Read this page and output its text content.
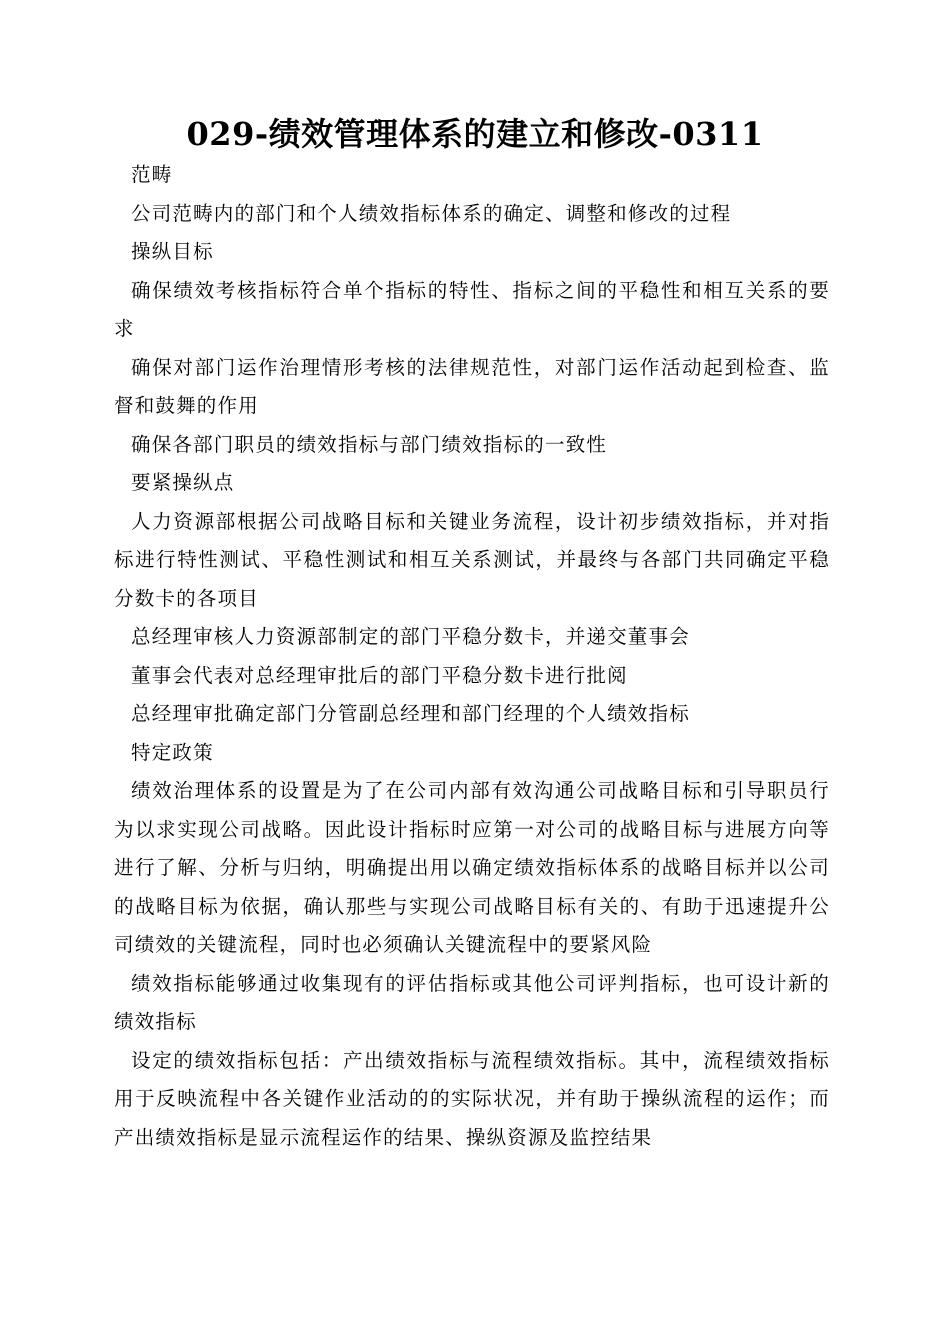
029-绩效管理体系的建立和修改-0311

范畴

公司范畴内的部门和个人绩效指标体系的确定、调整和修改的过程

操纵目标

确保绩效考核指标符合单个指标的特性、指标之间的平稳性和相互关系的要求

确保对部门运作治理情形考核的法律规范性，对部门运作活动起到检查、监督和鼓舞的作用

确保各部门职员的绩效指标与部门绩效指标的一致性

要紧操纵点

人力资源部根据公司战略目标和关键业务流程，设计初步绩效指标，并对指标进行特性测试、平稳性测试和相互关系测试，并最终与各部门共同确定平稳分数卡的各项目

总经理审核人力资源部制定的部门平稳分数卡，并递交董事会

董事会代表对总经理审批后的部门平稳分数卡进行批阅

总经理审批确定部门分管副总经理和部门经理的个人绩效指标

特定政策

绩效治理体系的设置是为了在公司内部有效沟通公司战略目标和引导职员行为以求实现公司战略。因此设计指标时应第一对公司的战略目标与进展方向等进行了解、分析与归纳，明确提出用以确定绩效指标体系的战略目标并以公司的战略目标为依据，确认那些与实现公司战略目标有关的、有助于迅速提升公司绩效的关键流程，同时也必须确认关键流程中的要紧风险

绩效指标能够通过收集现有的评估指标或其他公司评判指标，也可设计新的绩效指标

设定的绩效指标包括：产出绩效指标与流程绩效指标。其中，流程绩效指标用于反映流程中各关键作业活动的的实际状况，并有助于操纵流程的运作；而产出绩效指标是显示流程运作的结果、操纵资源及监控结果
